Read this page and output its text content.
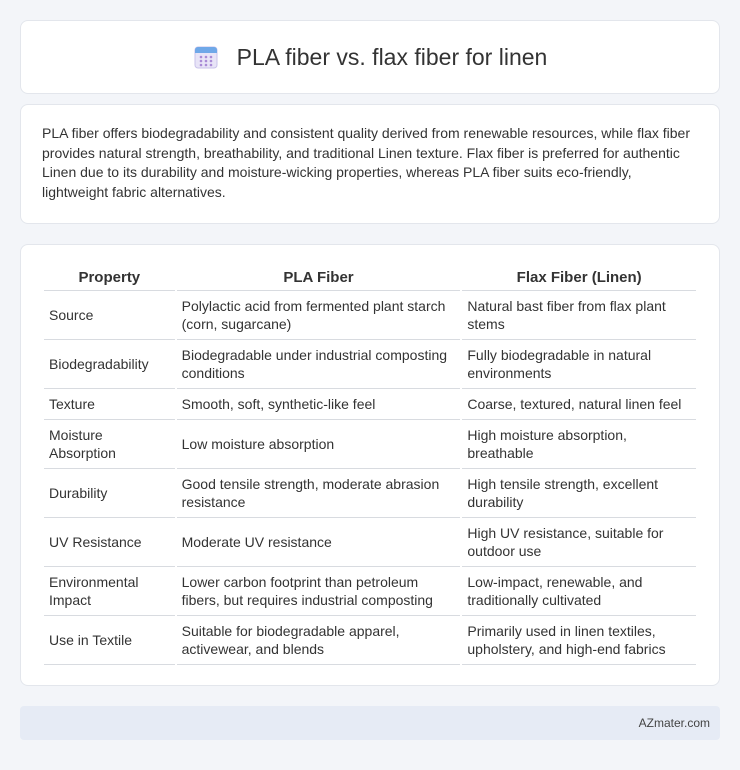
PLA fiber vs. flax fiber for linen

PLA fiber offers biodegradability and consistent quality derived from renewable resources, while flax fiber provides natural strength, breathability, and traditional Linen texture. Flax fiber is preferred for authentic Linen due to its durability and moisture-wicking properties, whereas PLA fiber suits eco-friendly, lightweight fabric alternatives.

Property	PLA Fiber	Flax Fiber (Linen)
Source	Polylactic acid from fermented plant starch (corn, sugarcane)	Natural bast fiber from flax plant stems
Biodegradability	Biodegradable under industrial composting conditions	Fully biodegradable in natural environments
Texture	Smooth, soft, synthetic-like feel	Coarse, textured, natural linen feel
Moisture Absorption	Low moisture absorption	High moisture absorption, breathable
Durability	Good tensile strength, moderate abrasion resistance	High tensile strength, excellent durability
UV Resistance	Moderate UV resistance	High UV resistance, suitable for outdoor use
Environmental Impact	Lower carbon footprint than petroleum fibers, but requires industrial composting	Low-impact, renewable, and traditionally cultivated
Use in Textile	Suitable for biodegradable apparel, activewear, and blends	Primarily used in linen textiles, upholstery, and high-end fabrics
AZmater.com
